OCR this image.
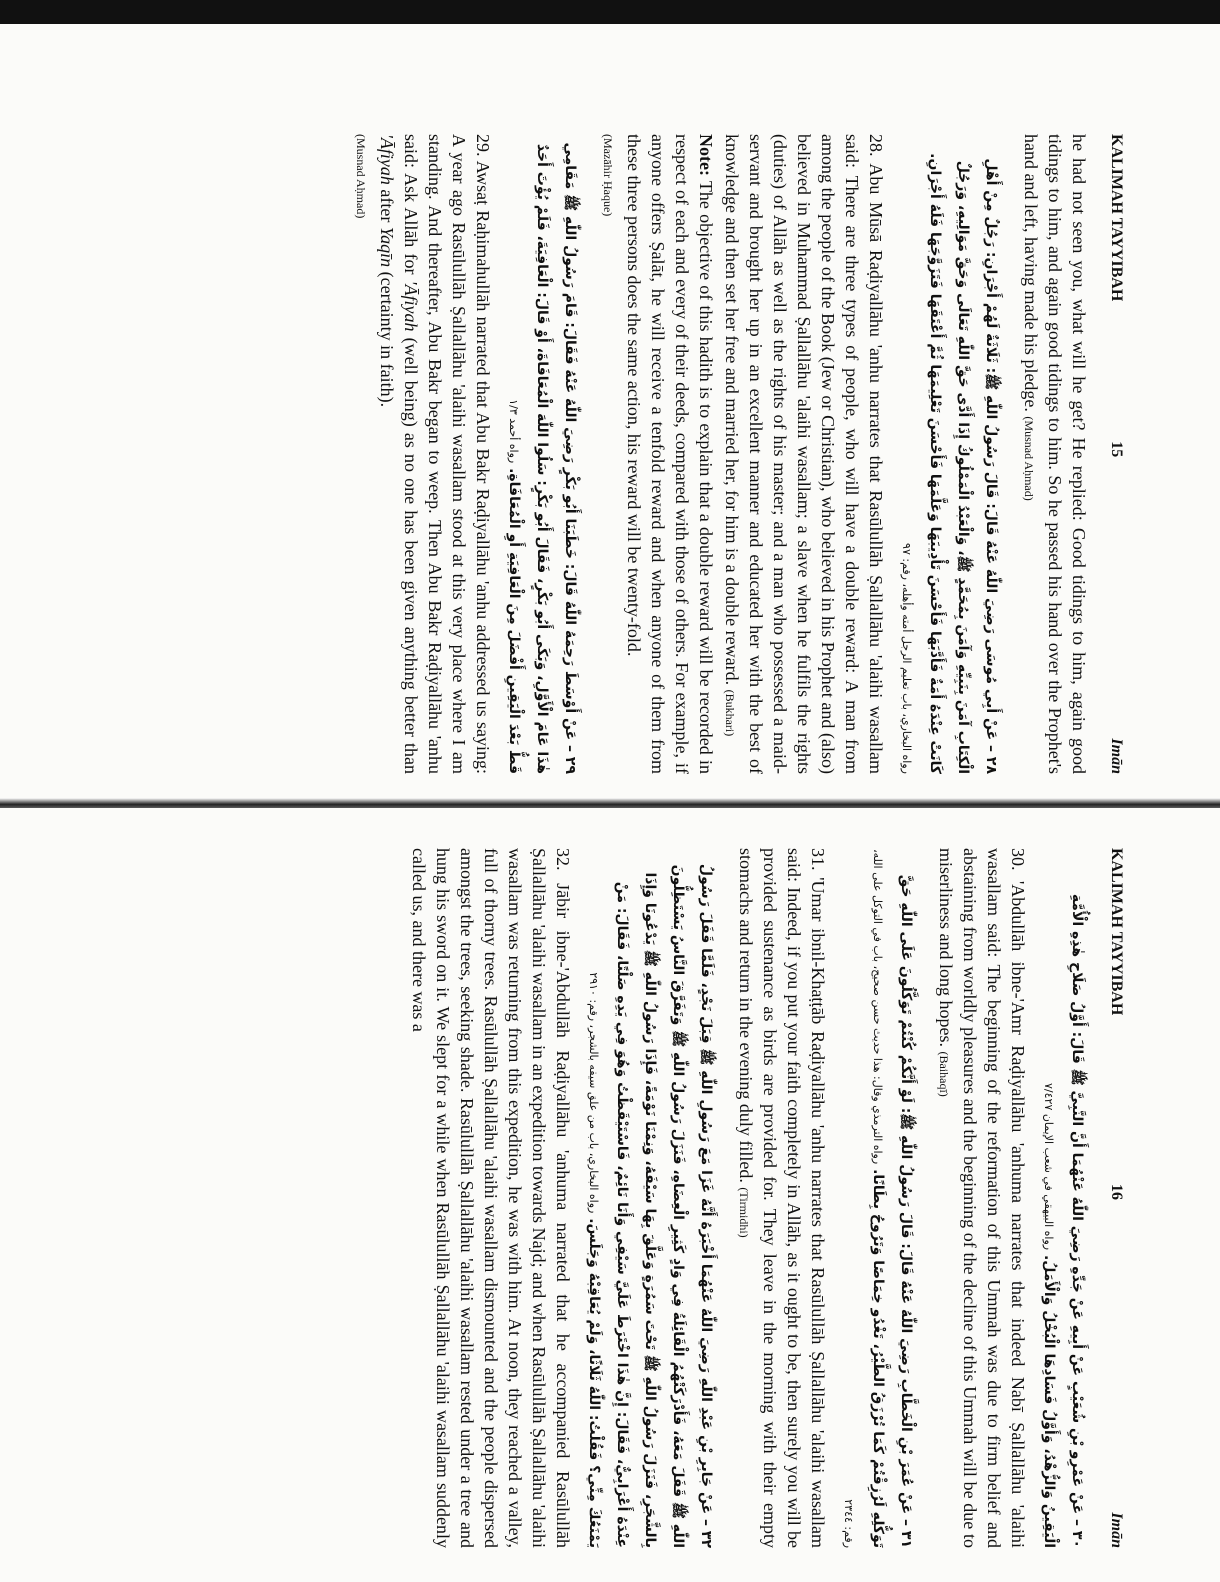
KALIMAH TAYYIBAH
15
Imān

he had not seen you, what will he get? He replied: Good tidings to him, again good tidings to him, and again good tidings to him. So he passed his hand over the Prophet's hand and left, having made his pledge. (Musnad Aḥmad)

٢٨ – عَنْ أَبِي مُوسَى رَضِيَ اللّٰهُ عَنْهُ قَالَ: قَالَ رَسُولُ اللّٰهِ ﷺ: ثَلَاثَةٌ لَهُمْ أَجْرَانِ: رَجُلٌ مِنْ أَهْلِ الْكِتَابِ آمَنَ بِنَبِيِّهِ وَآمَنَ بِمُحَمَّدٍ ﷺ، وَالْعَبْدُ الْمَمْلُوكُ إِذَا أَدَّى حَقَّ اللّٰهِ تَعَالَى وَحَقَّ مَوَالِيهِ، وَرَجُلٌ كَانَتْ عِنْدَهُ أَمَةٌ فَأَدَّبَهَا فَأَحْسَنَ تَأْدِيبَهَا وَعَلَّمَهَا فَأَحْسَنَ تَعْلِيمَهَا ثُمَّ أَعْتَقَهَا فَتَزَوَّجَهَا فَلَهُ أَجْرَانِ. رواه البخاري، باب تعليم الرجل أمته وأهله، رقم: ٩٧

28. Abu Mūsā Raḍiyallāhu 'anhu narrates that Rasūlullāh Ṣallallāhu 'alaihi wasallam said: There are three types of people, who will have a double reward: A man from among the people of the Book (Jew or Christian), who believed in his Prophet and (also) believed in Muhammad Ṣallallāhu 'alaihi wasallam; a slave when he fulfils the rights (duties) of Allāh as well as the rights of his master; and a man who possessed a maid-servant and brought her up in an excellent manner and educated her with the best of knowledge and then set her free and married her, for him is a double reward. (Bukhari)
Note: The objective of this hadith is to explain that a double reward will be recorded in respect of each and every of their deeds, compared with those of others. For example, if anyone offers Ṣalāt, he will receive a tenfold reward and when anyone of them from these three persons does the same action, his reward will be twenty-fold.
(Mazāhir Ḥaque)

٢٩ – عَنْ أَوْسَطَ رَحِمَهُ اللّٰهُ قَالَ: خَطَبَنَا أَبُو بَكْرٍ رَضِيَ اللّٰهُ عَنْهُ فَقَالَ: قَامَ رَسُولُ اللّٰهِ ﷺ مَقَامِي هٰذَا عَامَ الْأَوَّلِ، وَبَكَى أَبُو بَكْرٍ، فَقَالَ أَبُو بَكْرٍ: سَلُوا اللّٰهَ الْمُعَافَاةَ، أَوْ قَالَ: الْعَافِيَةَ، فَلَمْ يُؤْتَ أَحَدٌ قَطُّ بَعْدَ الْيَقِينِ أَفْضَلَ مِنَ الْعَافِيَةِ أَوِ الْمُعَافَاةِ. رواه أحمد ١/٣

29. Awsaṭ Raḥimahullāh narrated that Abu Bakr Raḍiyallāhu 'anhu addressed us saying: A year ago Rasūlullāh Ṣallallāhu 'alaihi wasallam stood at this very place where I am standing. And thereafter, Abu Bakr began to weep. Then Abu Bakr Raḍiyallāhu 'anhu said: Ask Allāh for 'Āfiyah (well being) as no one has been given anything better than 'Āfiyah after Yaqīn (certainty in faith).
(Musnad Aḥmad)

KALIMAH TAYYIBAH
16
Imān

٣٠ – عَنْ عَمْرِو بْنِ شُعَيْبٍ عَنْ أَبِيهِ عَنْ جَدِّهِ رَضِيَ اللّٰهُ عَنْهُمَا أَنَّ النَّبِيَّ ﷺ قَالَ: أَوَّلُ صَلَاحِ هٰذِهِ الْأُمَّةِ الْيَقِينُ وَالزُّهْدُ، وَأَوَّلُ فَسَادِهَا الْبُخْلُ وَالْأَمَلُ. رواه البيهقي في شعب الإيمان ٧/٤٢٧

30. 'Abdullāh ibne-'Amr Raḍiyallāhu 'anhuma narrates that indeed Nabī Ṣallallāhu 'alaihi wasallam said: The beginning of the reformation of this Ummah was due to firm belief and abstaining from worldly pleasures and the beginning of the decline of this Ummah will be due to miserliness and long hopes. (Baihaqī)

٣١ – عَنْ عُمَرَ بْنِ الْخَطَّابِ رَضِيَ اللّٰهُ عَنْهُ قَالَ: قَالَ رَسُولُ اللّٰهِ ﷺ: لَوْ أَنَّكُمْ كُنْتُمْ تَوَكَّلُونَ عَلَى اللّٰهِ حَقَّ تَوَكُّلِهِ لَرُزِقْتُمْ كَمَا تُرْزَقُ الطَّيْرُ، تَغْدُو خِمَاصًا وَتَرُوحُ بِطَانًا. رواه الترمذي وقال: هذا حديث حسن صحيح، باب في التوكل على الله، رقم: ٢٣٤٤

31. 'Umar ibnil-Khaṭṭāb Raḍiyallāhu 'anhu narrates that Rasūlullāh Ṣallallāhu 'alaihi wasallam said: Indeed, if you put your faith completely in Allāh, as it ought to be, then surely you will be provided sustenance as birds are provided for. They leave in the morning with their empty stomachs and return in the evening duly filled. (Tirmidhi)

٣٢ – عَنْ جَابِرِ بْنِ عَبْدِ اللّٰهِ رَضِيَ اللّٰهُ عَنْهُمَا أَخْبَرَهُ أَنَّهُ غَزَا مَعَ رَسُولِ اللّٰهِ ﷺ قِبَلَ نَجْدٍ، فَلَمَّا قَفَلَ رَسُولُ اللّٰهِ ﷺ قَفَلَ مَعَهُ، فَأَدْرَكَتْهُمُ الْقَائِلَةُ فِي وَادٍ كَثِيرِ الْعِضَاهِ، فَنَزَلَ رَسُولُ اللّٰهِ ﷺ وَتَفَرَّقَ النَّاسُ يَسْتَظِلُّونَ بِالشَّجَرِ، فَنَزَلَ رَسُولُ اللّٰهِ ﷺ تَحْتَ سَمُرَةٍ وَعَلَّقَ بِهَا سَيْفَهُ، وَنِمْنَا نَوْمَةً، فَإِذَا رَسُولُ اللّٰهِ ﷺ يَدْعُونَا وَإِذَا عِنْدَهُ أَعْرَابِيٌّ، فَقَالَ: إِنَّ هٰذَا اخْتَرَطَ عَلَيَّ سَيْفِي وَأَنَا نَائِمٌ، فَاسْتَيْقَظْتُ وَهُوَ فِي يَدِهِ صَلْتًا، فَقَالَ: مَنْ يَمْنَعُكَ مِنِّي؟ فَقُلْتُ: اللّٰهُ ثَلَاثًا، وَلَمْ يُعَاقِبْهُ وَجَلَسَ. رواه البخاري، باب من علق سيفه بالشجر، رقم: ٢٩١٠

32. Jābir ibne-'Abdullāh Raḍiyallāhu 'anhuma narrated that he accompanied Rasūlullāh Ṣallallāhu 'alaihi wasallam in an expedition towards Najd; and when Rasūlullāh Ṣallallāhu 'alaihi wasallam was returning from this expedition, he was with him. At noon, they reached a valley, full of thorny trees. Rasūlullāh Ṣallallāhu 'alaihi wasallam dismounted and the people dispersed amongst the trees, seeking shade. Rasūlullāh Ṣallallāhu 'alaihi wasallam rested under a tree and hung his sword on it. We slept for a while when Rasūlullāh Ṣallallāhu 'alaihi wasallam suddenly called us, and there was a
